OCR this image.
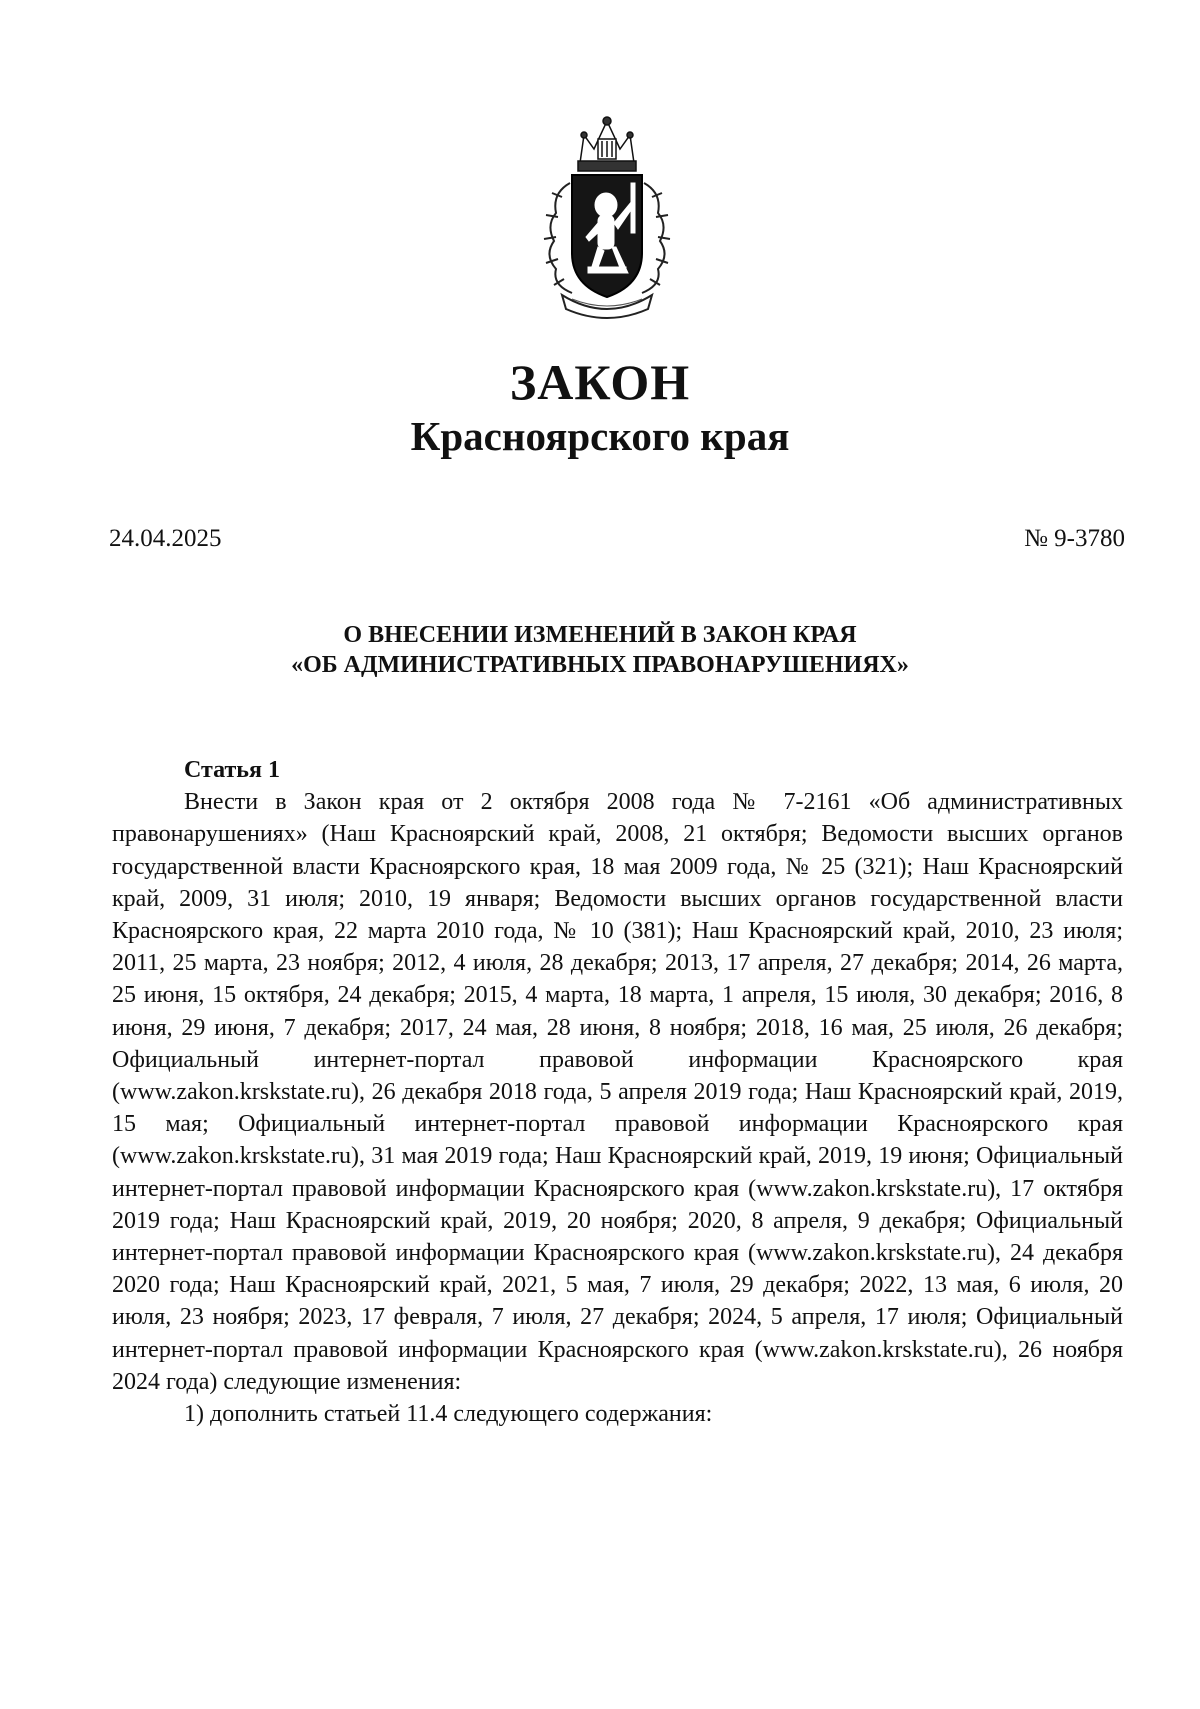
ЗАКОН
Красноярского края
24.04.2025	№ 9-3780
О ВНЕСЕНИИ ИЗМЕНЕНИЙ В ЗАКОН КРАЯ
«ОБ АДМИНИСТРАТИВНЫХ ПРАВОНАРУШЕНИЯХ»
Статья 1

Внести в Закон края от 2 октября 2008 года № 7-2161 «Об административных правонарушениях» (Наш Красноярский край, 2008, 21 октября; Ведомости высших органов государственной власти Красноярского края, 18 мая 2009 года, № 25 (321); Наш Красноярский край, 2009, 31 июля; 2010, 19 января; Ведомости высших органов государственной власти Красноярского края, 22 марта 2010 года, № 10 (381); Наш Красноярский край, 2010, 23 июля; 2011, 25 марта, 23 ноября; 2012, 4 июля, 28 декабря; 2013, 17 апреля, 27 декабря; 2014, 26 марта, 25 июня, 15 октября, 24 декабря; 2015, 4 марта, 18 марта, 1 апреля, 15 июля, 30 декабря; 2016, 8 июня, 29 июня, 7 декабря; 2017, 24 мая, 28 июня, 8 ноября; 2018, 16 мая, 25 июля, 26 декабря; Официальный интернет-портал правовой информации Красноярского края (www.zakon.krskstate.ru), 26 декабря 2018 года, 5 апреля 2019 года; Наш Красноярский край, 2019, 15 мая; Официальный интернет-портал правовой информации Красноярского края (www.zakon.krskstate.ru), 31 мая 2019 года; Наш Красноярский край, 2019, 19 июня; Официальный интернет-портал правовой информации Красноярского края (www.zakon.krskstate.ru), 17 октября 2019 года; Наш Красноярский край, 2019, 20 ноября; 2020, 8 апреля, 9 декабря; Официальный интернет-портал правовой информации Красноярского края (www.zakon.krskstate.ru), 24 декабря 2020 года; Наш Красноярский край, 2021, 5 мая, 7 июля, 29 декабря; 2022, 13 мая, 6 июля, 20 июля, 23 ноября; 2023, 17 февраля, 7 июля, 27 декабря; 2024, 5 апреля, 17 июля; Официальный интернет-портал правовой информации Красноярского края (www.zakon.krskstate.ru), 26 ноября 2024 года) следующие изменения:

1) дополнить статьей 11.4 следующего содержания:
